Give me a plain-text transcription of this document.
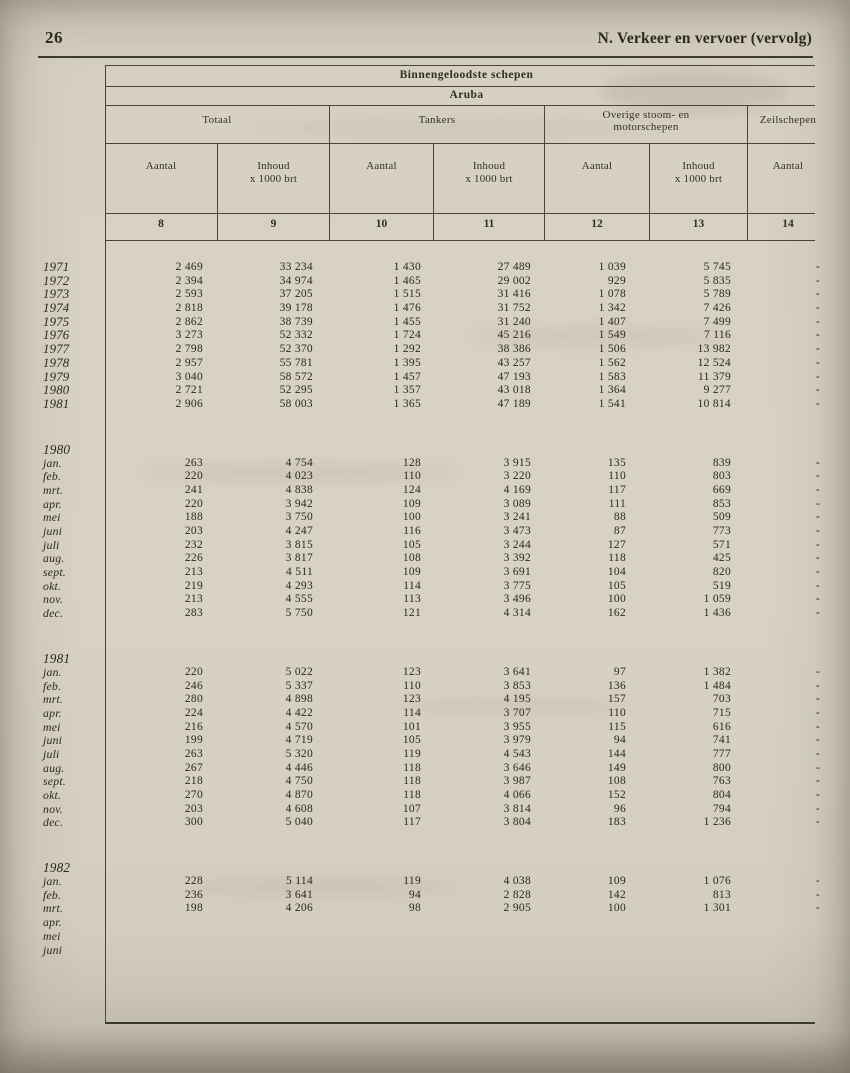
26	N. Verkeer en vervoer (vervolg)
Binnengeloodste schepen
Aruba
Totaal	Tankers	Overige stoom- en motorschepen
Zeilschepen
Aantal	Inhoud
x 1000 brt
Aantal	Inhoud
x 1000 brt
Aantal	Inhoud
x 1000 brt
Aantal
8	9	10	11	12	13	14
1971	2 469	33 234	1 430	27 489	1 039	5 745	-
1972	2 394	34 974	1 465	29 002	929	5 835	-
1973	2 593	37 205	1 515	31 416	1 078	5 789	-
1974	2 818	39 178	1 476	31 752	1 342	7 426	-
1975	2 862	38 739	1 455	31 240	1 407	7 499	-
1976	3 273	52 332	1 724	45 216	1 549	7 116	-
1977	2 798	52 370	1 292	38 386	1 506	13 982	-
1978	2 957	55 781	1 395	43 257	1 562	12 524	-
1979	3 040	58 572	1 457	47 193	1 583	11 379	-
1980	2 721	52 295	1 357	43 018	1 364	9 277	-
1981	2 906	58 003	1 365	47 189	1 541	10 814	-
1980
jan.	263	4 754	128	3 915	135	839	-
feb.	220	4 023	110	3 220	110	803	-
mrt.	241	4 838	124	4 169	117	669	-
apr.	220	3 942	109	3 089	111	853	-
mei	188	3 750	100	3 241	88	509	-
juni	203	4 247	116	3 473	87	773	-
juli	232	3 815	105	3 244	127	571	-
aug.	226	3 817	108	3 392	118	425	-
sept.	213	4 511	109	3 691	104	820	-
okt.	219	4 293	114	3 775	105	519	-
nov.	213	4 555	113	3 496	100	1 059	-
dec.	283	5 750	121	4 314	162	1 436	-
1981
jan.	220	5 022	123	3 641	97	1 382	-
feb.	246	5 337	110	3 853	136	1 484	-
mrt.	280	4 898	123	4 195	157	703	-
apr.	224	4 422	114	3 707	110	715	-
mei	216	4 570	101	3 955	115	616	-
juni	199	4 719	105	3 979	94	741	-
juli	263	5 320	119	4 543	144	777	-
aug.	267	4 446	118	3 646	149	800	-
sept.	218	4 750	118	3 987	108	763	-
okt.	270	4 870	118	4 066	152	804	-
nov.	203	4 608	107	3 814	96	794	-
dec.	300	5 040	117	3 804	183	1 236	-
1982
jan.	228	5 114	119	4 038	109	1 076	-
feb.	236	3 641	94	2 828	142	813	-
mrt.	198	4 206	98	2 905	100	1 301	-
apr.
mei
juni
